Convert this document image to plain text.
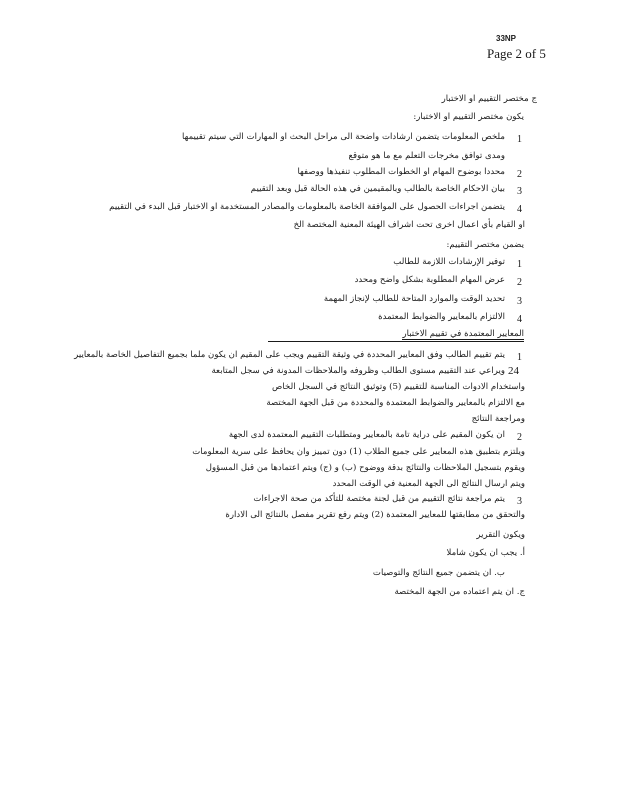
33NP
Page 2 of 5
ج مختصر التقييم او الاختبار
يكون مختصر التقييم او الاختبار:
1
ملخص المعلومات يتضمن ارشادات واضحة الى مراحل البحث او المهارات التي سيتم تقييمها
ومدى توافق مخرجات التعلم مع ما هو متوقع
2
محددا بوضوح المهام او الخطوات المطلوب تنفيذها ووصفها
3
بيان الاحكام الخاصة بالطالب وبالمقيمين في هذه الحالة قبل وبعد التقييم
4
يتضمن اجراءات الحصول على الموافقة الخاصة بالمعلومات والمصادر المستخدمة او الاختبار قبل البدء في التقييم
او القيام بأي اعمال اخرى تحت اشراف الهيئة المعنية المختصة الخ
يضمن مختصر التقييم:
1
توفير الإرشادات اللازمة للطالب
2
عرض المهام المطلوبة بشكل واضح ومحدد
3
تحديد الوقت والموارد المتاحة للطالب لإنجاز المهمة
4
الالتزام بالمعايير والضوابط المعتمدة
المعايير المعتمدة في تقييم الاختبار
1
24
يتم تقييم الطالب وفق المعايير المحددة في وثيقة التقييم ويجب على المقيم ان يكون ملما بجميع التفاصيل الخاصة بالمعايير
ويراعي عند التقييم مستوى الطالب وظروفه والملاحظات المدونة في سجل المتابعة
واستخدام الادوات المناسبة للتقييم (5) وتوثيق النتائج في السجل الخاص
مع الالتزام بالمعايير والضوابط المعتمدة والمحددة من قبل الجهة المختصة
ومراجعة النتائج
2
ان يكون المقيم على دراية تامة بالمعايير ومتطلبات التقييم المعتمدة لدى الجهة
ويلتزم بتطبيق هذه المعايير على جميع الطلاب (1) دون تمييز وان يحافظ على سرية المعلومات
ويقوم بتسجيل الملاحظات والنتائج بدقة ووضوح (ب) و (ج) ويتم اعتمادها من قبل المسؤول
ويتم ارسال النتائج الى الجهة المعنية في الوقت المحدد
3
يتم مراجعة نتائج التقييم من قبل لجنة مختصة للتأكد من صحة الاجراءات
والتحقق من مطابقتها للمعايير المعتمدة (2) ويتم رفع تقرير مفصل بالنتائج الى الادارة
ويكون التقرير
أ. يجب ان يكون شاملا
ب. ان يتضمن جميع النتائج والتوصيات
ج. ان يتم اعتماده من الجهة المختصة
